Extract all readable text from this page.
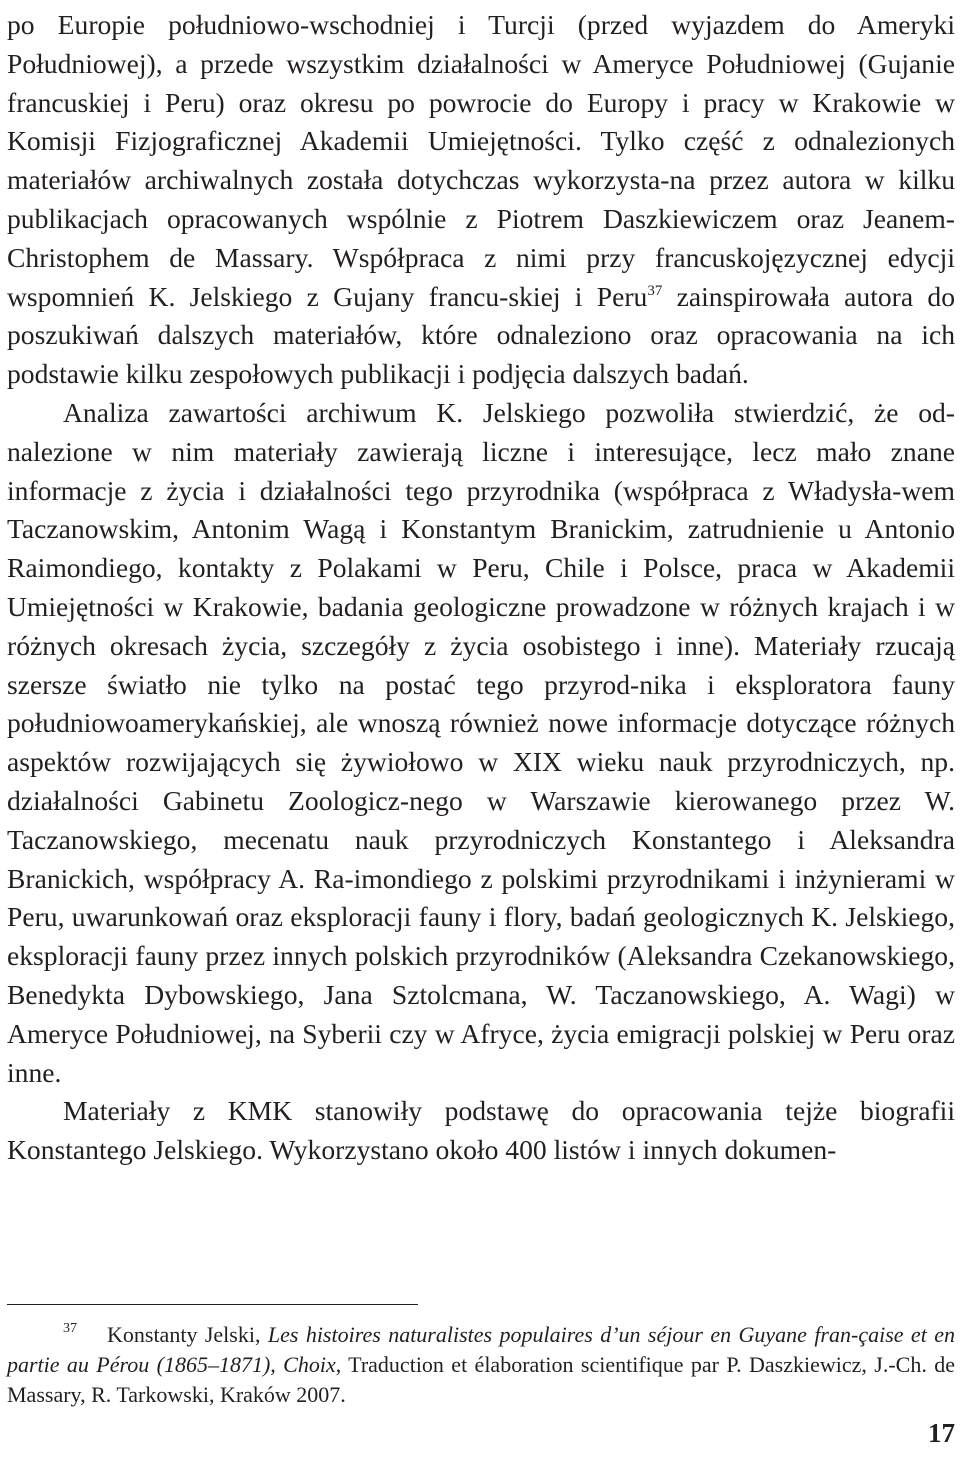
po Europie południowo-wschodniej i Turcji (przed wyjazdem do Ameryki Południowej), a przede wszystkim działalności w Ameryce Południowej (Gujanie francuskiej i Peru) oraz okresu po powrocie do Europy i pracy w Krakowie w Komisji Fizjograficznej Akademii Umiejętności. Tylko część z odnalezionych materiałów archiwalnych została dotychczas wykorzysta-na przez autora w kilku publikacjach opracowanych wspólnie z Piotrem Daszkiewiczem oraz Jeanem-Christophem de Massary. Współpraca z nimi przy francuskojęzycznej edycji wspomnień K. Jelskiego z Gujany francu-skiej i Peru$^{37}$ zainspirowała autora do poszukiwań dalszych materiałów, które odnaleziono oraz opracowania na ich podstawie kilku zespołowych publikacji i podjęcia dalszych badań.

Analiza zawartości archiwum K. Jelskiego pozwoliła stwierdzić, że od-nalezione w nim materiały zawierają liczne i interesujące, lecz mało znane informacje z życia i działalności tego przyrodnika (współpraca z Władysła-wem Taczanowskim, Antonim Wagą i Konstantym Branickim, zatrudnienie u Antonio Raimondiego, kontakty z Polakami w Peru, Chile i Polsce, praca w Akademii Umiejętności w Krakowie, badania geologiczne prowadzone w różnych krajach i w różnych okresach życia, szczegóły z życia osobistego i inne). Materiały rzucają szersze światło nie tylko na postać tego przyrod-nika i eksploratora fauny południowoamerykańskiej, ale wnoszą również nowe informacje dotyczące różnych aspektów rozwijających się żywiołowo w XIX wieku nauk przyrodniczych, np. działalności Gabinetu Zoologicz-nego w Warszawie kierowanego przez W. Taczanowskiego, mecenatu nauk przyrodniczych Konstantego i Aleksandra Branickich, współpracy A. Ra-imondiego z polskimi przyrodnikami i inżynierami w Peru, uwarunkowań oraz eksploracji fauny i flory, badań geologicznych K. Jelskiego, eksploracji fauny przez innych polskich przyrodników (Aleksandra Czekanowskiego, Benedykta Dybowskiego, Jana Sztolcmana, W. Taczanowskiego, A. Wagi) w Ameryce Południowej, na Syberii czy w Afryce, życia emigracji polskiej w Peru oraz inne.

Materiały z KMK stanowiły podstawę do opracowania tejże biografii Konstantego Jelskiego. Wykorzystano około 400 listów i innych dokumen-

$^{37}$ Konstanty Jelski, Les histoires naturalistes populaires d’un séjour en Guyane fran-çaise et en partie au Pérou (1865–1871), Choix, Traduction et élaboration scientifique par P. Daszkiewicz, J.-Ch. de Massary, R. Tarkowski, Kraków 2007.

17
